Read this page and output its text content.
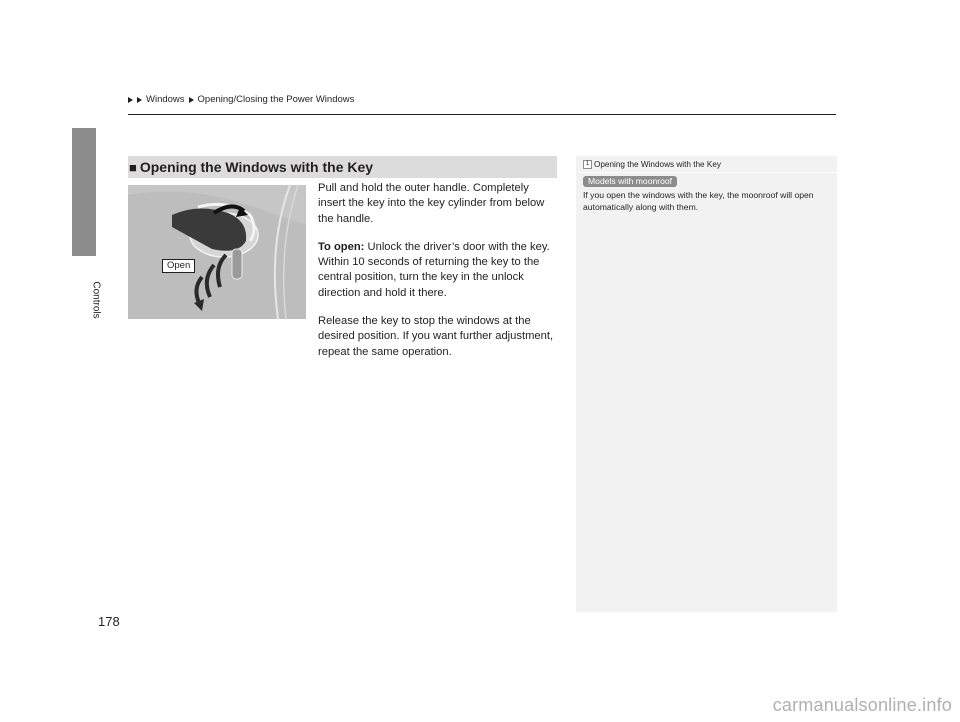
Controls
178
Windows Opening/Closing the Power Windows
■ Opening the Windows with the Key
Open

Pull and hold the outer handle. Completely insert the key into the key cylinder from below the handle.

To open: Unlock the driver’s door with the key. Within 10 seconds of returning the key to the central position, turn the key in the unlock direction and hold it there.

Release the key to stop the windows at the desired position. If you want further adjustment, repeat the same operation.

1 Opening the Windows with the Key
Models with moonroof
If you open the windows with the key, the moonroof will open automatically along with them.
carmanualsonline.info
